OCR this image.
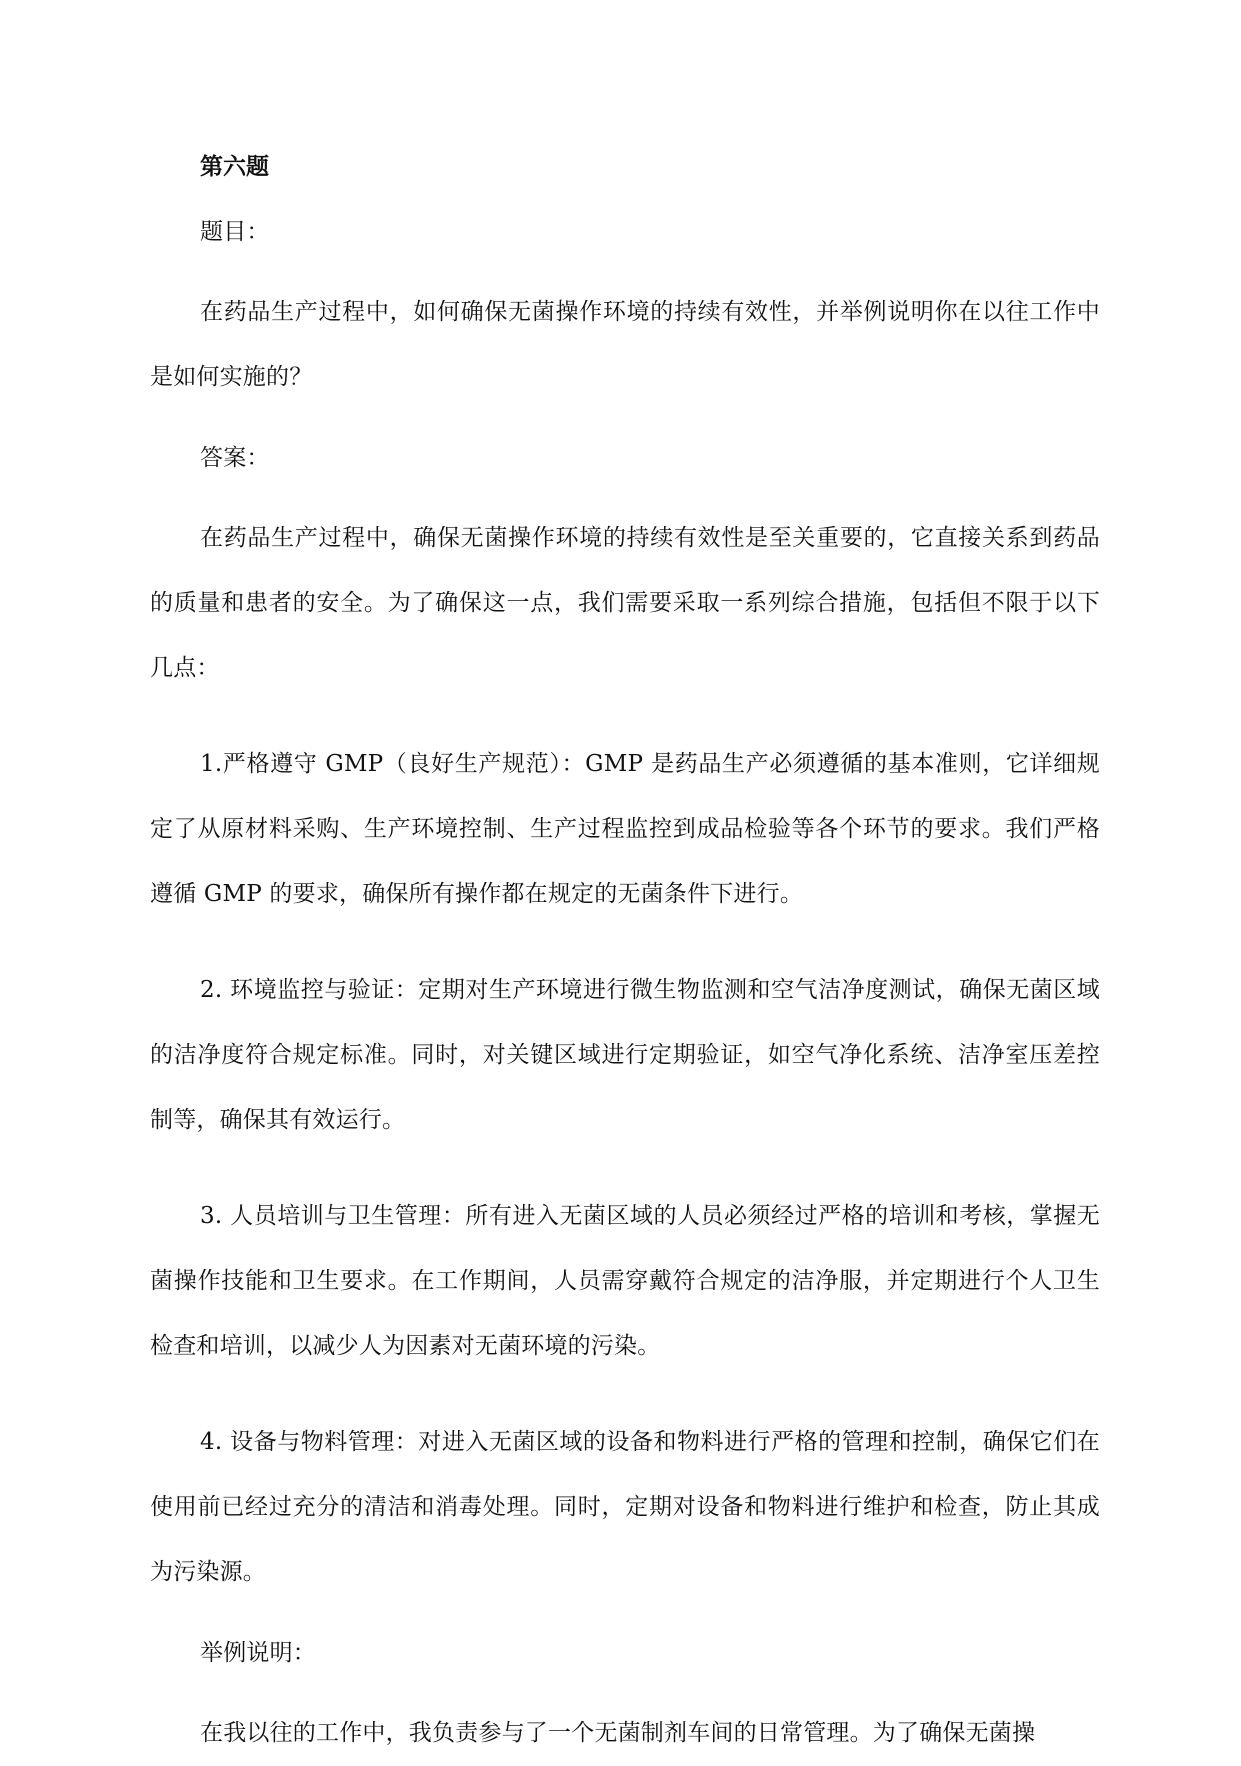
第六题

题目：

在药品生产过程中，如何确保无菌操作环境的持续有效性，并举例说明你在以往工作中是如何实施的？

答案：

在药品生产过程中，确保无菌操作环境的持续有效性是至关重要的，它直接关系到药品的质量和患者的安全。为了确保这一点，我们需要采取一系列综合措施，包括但不限于以下几点：

1.严格遵守 GMP（良好生产规范）：GMP 是药品生产必须遵循的基本准则，它详细规定了从原材料采购、生产环境控制、生产过程监控到成品检验等各个环节的要求。我们严格遵循 GMP 的要求，确保所有操作都在规定的无菌条件下进行。

2. 环境监控与验证：定期对生产环境进行微生物监测和空气洁净度测试，确保无菌区域的洁净度符合规定标准。同时，对关键区域进行定期验证，如空气净化系统、洁净室压差控制等，确保其有效运行。

3. 人员培训与卫生管理：所有进入无菌区域的人员必须经过严格的培训和考核，掌握无菌操作技能和卫生要求。在工作期间，人员需穿戴符合规定的洁净服，并定期进行个人卫生检查和培训，以减少人为因素对无菌环境的污染。

4. 设备与物料管理：对进入无菌区域的设备和物料进行严格的管理和控制，确保它们在使用前已经过充分的清洁和消毒处理。同时，定期对设备和物料进行维护和检查，防止其成为污染源。

举例说明：

在我以往的工作中，我负责参与了一个无菌制剂车间的日常管理。为了确保无菌操
